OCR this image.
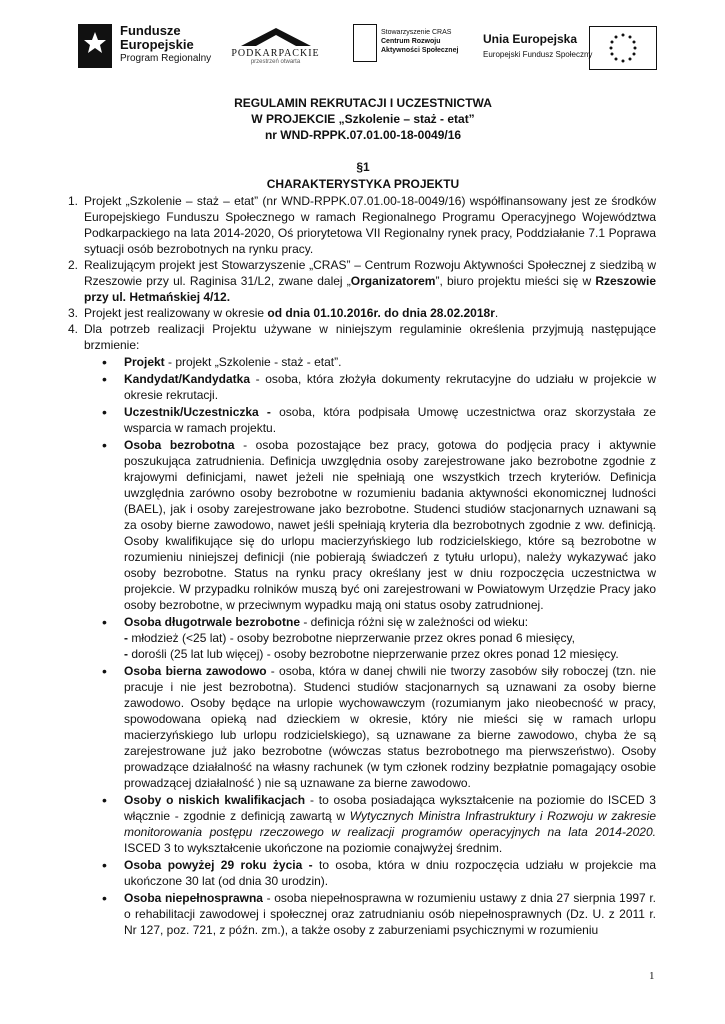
Fundusze
Europejskie
Program Regionalny	PODKARPACKIE
przestrzeń otwarta
Stowarzyszenie CRAS
Centrum Rozwoju
Aktywności Społecznej
Unia Europejska
Europejski Fundusz Społeczny
REGULAMIN REKRUTACJI I UCZESTNICTWA
W PROJEKCIE „Szkolenie – staż - etat”
nr WND-RPPK.07.01.00-18-0049/16
§1
CHARAKTERYSTYKA PROJEKTU
1. Projekt „Szkolenie – staż – etat” (nr WND-RPPK.07.01.00-18-0049/16) współfinansowany jest ze środków Europejskiego Funduszu Społecznego w ramach Regionalnego Programu Operacyjnego Województwa Podkarpackiego na lata 2014-2020, Oś priorytetowa VII Regionalny rynek pracy, Poddziałanie 7.1 Poprawa sytuacji osób bezrobotnych na rynku pracy.
2. Realizującym projekt jest Stowarzyszenie „CRAS” – Centrum Rozwoju Aktywności Społecznej z siedzibą w Rzeszowie przy ul. Raginisa 31/L2, zwane dalej „Organizatorem”, biuro projektu mieści się w Rzeszowie przy ul. Hetmańskiej 4/12.
3. Projekt jest realizowany w okresie od dnia 01.10.2016r. do dnia 28.02.2018r.
4. Dla potrzeb realizacji Projektu używane w niniejszym regulaminie określenia przyjmują następujące brzmienie:
• Projekt - projekt „Szkolenie - staż - etat”.
• Kandydat/Kandydatka - osoba, która złożyła dokumenty rekrutacyjne do udziału w projekcie w okresie rekrutacji.
• Uczestnik/Uczestniczka - osoba, która podpisała Umowę uczestnictwa oraz skorzystała ze wsparcia w ramach projektu.
• Osoba bezrobotna - osoba pozostające bez pracy, gotowa do podjęcia pracy i aktywnie poszukująca zatrudnienia. Definicja uwzględnia osoby zarejestrowane jako bezrobotne zgodnie z krajowymi definicjami, nawet jeżeli nie spełniają one wszystkich trzech kryteriów. Definicja uwzględnia zarówno osoby bezrobotne w rozumieniu badania aktywności ekonomicznej ludności (BAEL), jak i osoby zarejestrowane jako bezrobotne. Studenci studiów stacjonarnych uznawani są za osoby bierne zawodowo, nawet jeśli spełniają kryteria dla bezrobotnych zgodnie z ww. definicją. Osoby kwalifikujące się do urlopu macierzyńskiego lub rodzicielskiego, które są bezrobotne w rozumieniu niniejszej definicji (nie pobierają świadczeń z tytułu urlopu), należy wykazywać jako osoby bezrobotne. Status na rynku pracy określany jest w dniu rozpoczęcia uczestnictwa w projekcie. W przypadku rolników muszą być oni zarejestrowani w Powiatowym Urzędzie Pracy jako osoby bezrobotne, w przeciwnym wypadku mają oni status osoby zatrudnionej.
• Osoba długotrwale bezrobotne - definicja różni się w zależności od wieku:
- młodzież (<25 lat) - osoby bezrobotne nieprzerwanie przez okres ponad 6 miesięcy,
- dorośli (25 lat lub więcej) - osoby bezrobotne nieprzerwanie przez okres ponad 12 miesięcy.
• Osoba bierna zawodowo - osoba, która w danej chwili nie tworzy zasobów siły roboczej (tzn. nie pracuje i nie jest bezrobotna). Studenci studiów stacjonarnych są uznawani za osoby bierne zawodowo. Osoby będące na urlopie wychowawczym (rozumianym jako nieobecność w pracy, spowodowana opieką nad dzieckiem w okresie, który nie mieści się w ramach urlopu macierzyńskiego lub urlopu rodzicielskiego), są uznawane za bierne zawodowo, chyba że są zarejestrowane już jako bezrobotne (wówczas status bezrobotnego ma pierwszeństwo). Osoby prowadzące działalność na własny rachunek (w tym członek rodziny bezpłatnie pomagający osobie prowadzącej działalność ) nie są uznawane za bierne zawodowo.
• Osoby o niskich kwalifikacjach - to osoba posiadająca wykształcenie na poziomie do ISCED 3 włącznie - zgodnie z definicją zawartą w Wytycznych Ministra Infrastruktury i Rozwoju w zakresie monitorowania postępu rzeczowego w realizacji programów operacyjnych na lata 2014-2020. ISCED 3 to wykształcenie ukończone na poziomie conajwyżej średnim.
• Osoba powyżej 29 roku życia - to osoba, która w dniu rozpoczęcia udziału w projekcie ma ukończone 30 lat (od dnia 30 urodzin).
• Osoba niepełnosprawna - osoba niepełnosprawna w rozumieniu ustawy z dnia 27 sierpnia 1997 r. o rehabilitacji zawodowej i społecznej oraz zatrudnianiu osób niepełnosprawnych (Dz. U. z 2011 r. Nr 127, poz. 721, z późn. zm.), a także osoby z zaburzeniami psychicznymi w rozumieniu
1
